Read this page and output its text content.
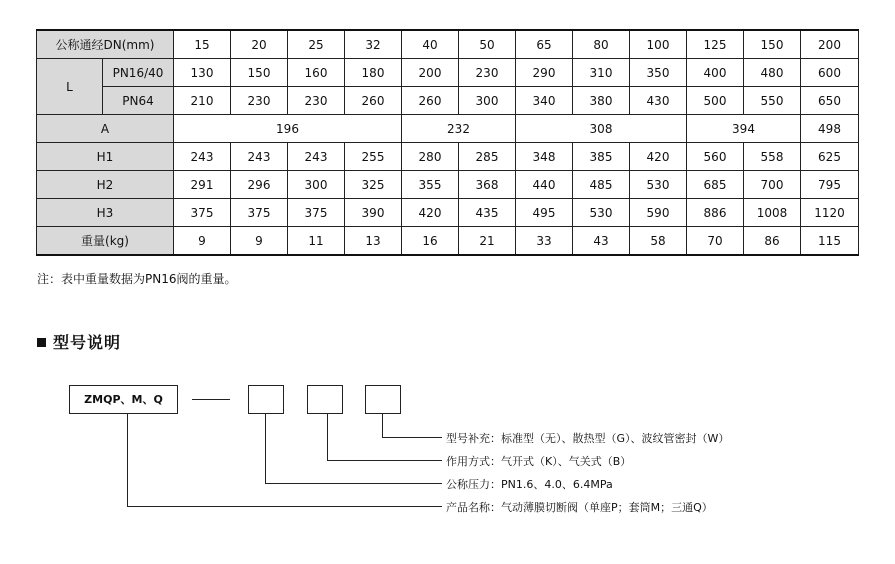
公称通经DN(mm)		15	20	25	32	40	50	65	80	100	125	150	200
L	PN16/40	130	150	160	180	200	230	290	310	350	400	480	600
	PN64	210	230	230	260	260	300	340	380	430	500	550	650
A		196				232		308			394		498
H1		243	243	243	255	280	285	348	385	420	560	558	625
H2		291	296	300	325	355	368	440	485	530	685	700	795
H3		375	375	375	390	420	435	495	530	590	886	1008	1120
重量(kg)		9	9	11	13	16	21	33	43	58	70	86	115
注：表中重量数据为PN16阀的重量。
型号说明
ZMQP、M、Q
型号补充：标准型（无）、散热型（G）、波纹管密封（W）
作用方式：气开式（K）、气关式（B）
公称压力：PN1.6、4.0、6.4MPa
产品名称：气动薄膜切断阀（单座P；套筒M；三通Q）
